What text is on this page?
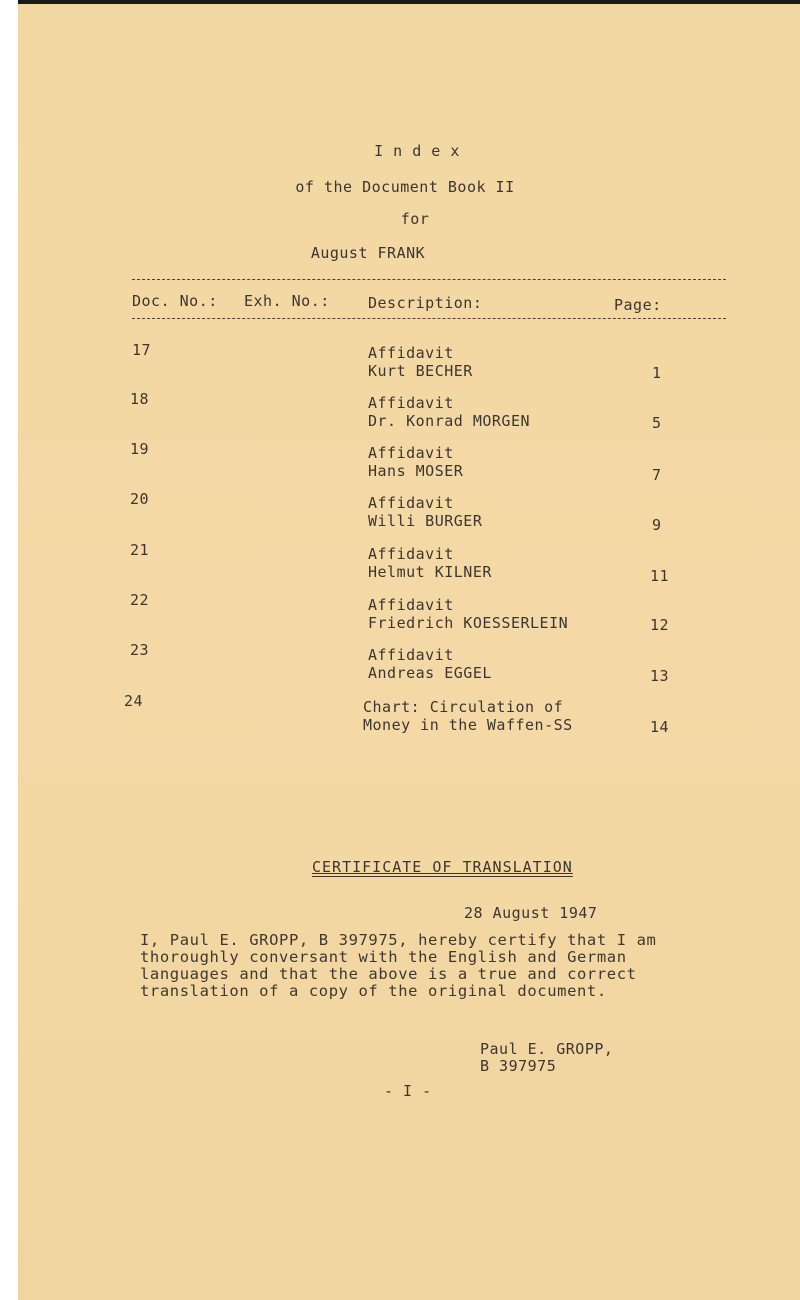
I n d e x
of the Document Book II
for
August FRANK
Doc. No.: Exh. No.:	Description:	Page:
17	Affidavit
Kurt BECHER	1
18	Affidavit
Dr. Konrad MORGEN	5
19	Affidavit
Hans MOSER	7
20	Affidavit
Willi BURGER	9
21	Affidavit
Helmut KILNER	11
22	Affidavit
Friedrich KOESSERLEIN	12
23	Affidavit
Andreas EGGEL	13
24	Chart: Circulation of
Money in the Waffen-SS	14
CERTIFICATE OF TRANSLATION
28 August 1947
I, Paul E. GROPP, B 397975, hereby certify that I am thoroughly conversant with the English and German languages and that the above is a true and correct translation of a copy of the original document.
Paul E. GROPP,
B 397975
- I -
